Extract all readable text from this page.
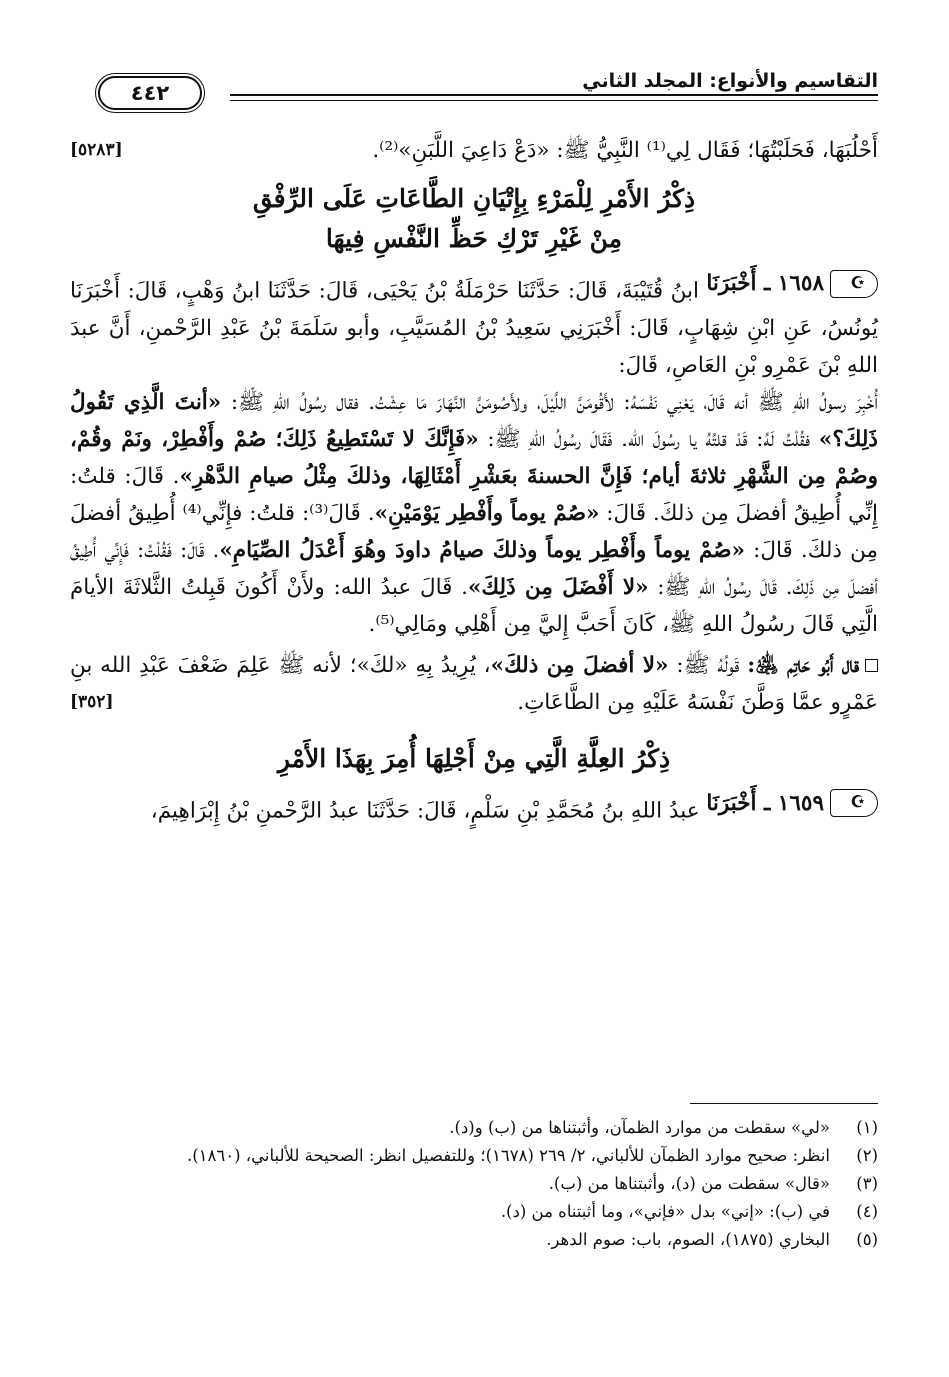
التقاسيم والأنواع: المجلد الثاني
٤٤٢

[٥٢٨٣]	أَحْلُبَهَا، فَحَلَبْتُهَا؛ فَقَال لِي⁽¹⁾ النَّبِيُّ ﷺ: «دَعْ دَاعِيَ اللَّبَنِ»⁽²⁾.

ذِكْرُ الأَمْرِ لِلْمَرْءِ بِإِتْيَانِ الطَّاعَاتِ عَلَى الرِّفْقِ
مِنْ غَيْرِ تَرْكِ حَظِّ النَّفْسِ فِيهَا

☪
١٦٥٨ ـ أَخْبَرَنَا
ابنُ قُتَيْبَةَ، قَالَ: حَدَّثَنَا حَرْمَلَةُ بْنُ يَحْيَى، قَالَ: حَدَّثَنَا ابنُ وَهْبٍ، قَالَ: أَخْبَرَنَا يُونُسُ، عَنِ ابْنِ شِهَابٍ، قَالَ: أَخْبَرَنِي سَعِيدُ بْنُ المُسَيَّبِ، وأبو سَلَمَةَ بْنُ عَبْدِ الرَّحْمنِ، أَنَّ عبدَ اللهِ بْنَ عَمْرِو بْنِ العَاصِ، قَالَ:

أُخْبِرَ رسولُ اللهِ ﷺ أنه قَالَ، يَعْنِي نَفْسَهُ: لأَقُومَنَّ اللَّيْلَ، ولأَصُومَنَّ النَّهَارَ مَا عِشْتُ. فقال رسُولُ اللهِ ﷺ: «أنتَ الَّذِي تَقُولُ ذَلِكَ؟» فقُلْتُ لَهُ: قَدْ قلتُهُ يا رسُولَ الله. فَقَالَ رسُولُ اللهِ ﷺ: «فَإِنَّكَ لا تَسْتَطِيعُ ذَلِكَ؛ صُمْ وأَفْطِرْ، ونَمْ وقُمْ، وصُمْ مِن الشَّهْرِ ثلاثةَ أيام؛ فَإِنَّ الحسنةَ بعَشْرِ أَمْثَالِهَا، وذلكَ مِثْلُ صيامِ الدَّهْرِ». قَالَ: قلتُ: إِنِّي أُطِيقُ أفضلَ مِن ذلكَ. قَالَ: «صُمْ يوماً وأَفْطِر يَوْمَيْنِ». قَالَ⁽³⁾: قلتُ: فإِنِّي⁽⁴⁾ أُطِيقُ أفضلَ مِن ذلكَ. قَالَ: «صُمْ يوماً وأَفْطِر يوماً وذلكَ صيامُ داودَ وهُوَ أَعْدَلُ الصِّيَامِ». قَالَ: فَقُلْتُ: فَإِنِّي أُطِيقُ أفضلَ مِن ذَلِكَ. قَالَ رسُولُ اللهِ ﷺ: «لا أَفْضَلَ مِن ذَلِكَ». قَالَ عبدُ الله: ولأَنْ أَكُونَ قَبِلتُ الثَّلاثَةَ الأيامَ الَّتِي قَالَ رسُولُ اللهِ ﷺ، كَانَ أَحَبَّ إِليَّ مِن أَهْلِي ومَالِي⁽⁵⁾.

قال أَبُو حَاتِم ﵁: قَولُهُ ﷺ: «لا أفضلَ مِن ذلكَ»، يُرِيدُ بِهِ «لكَ»؛ لأنه ﷺ عَلِمَ ضَعْفَ عَبْدِ الله بنِ عَمْرٍو عمَّا وَطَّنَ نَفْسَهُ عَلَيْهِ مِن الطَّاعَاتِ.
[٣٥٢]

ذِكْرُ العِلَّةِ الَّتِي مِنْ أَجْلِهَا أُمِرَ بِهَذَا الأَمْرِ

☪
١٦٥٩ ـ أَخْبَرَنَا
عبدُ اللهِ بنُ مُحَمَّدِ بْنِ سَلْمٍ، قَالَ: حَدَّثَنَا عبدُ الرَّحْمنِ بْنُ إِبْرَاهِيمَ،

(١)
«لي» سقطت من موارد الظمآن، وأثبتناها من (ب) و(د).
(٢)
انظر: صحيح موارد الظمآن للألباني، ٢/ ٢٦٩ (١٦٧٨)؛ وللتفصيل انظر: الصحيحة للألباني، (١٨٦٠).
(٣)
«قال» سقطت من (د)، وأثبتناها من (ب).
(٤)
في (ب): «إني» بدل «فإني»، وما أثبتناه من (د).
(٥)
البخاري (١٨٧٥)، الصوم، باب: صوم الدهر.
